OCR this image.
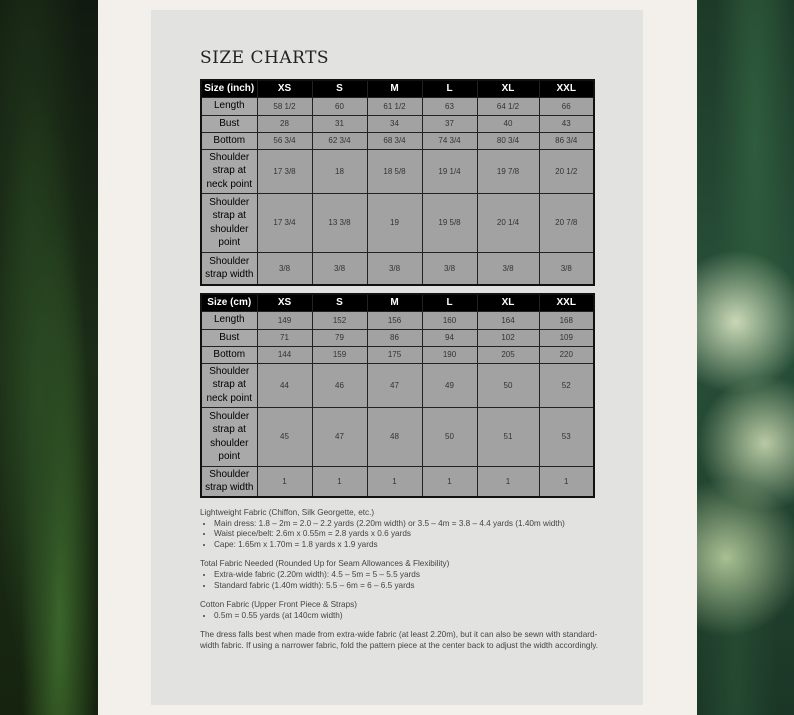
SIZE CHARTS
Size (inch)	XS	S	M	L	XL	XXL
Length	58 1/2	60	61 1/2	63	64 1/2	66
Bust	28	31	34	37	40	43
Bottom	56 3/4	62 3/4	68 3/4	74 3/4	80 3/4	86 3/4
Shoulder strap at neck point	17 3/8	18	18 5/8	19 1/4	19 7/8	20 1/2
Shoulder strap at shoulder point	17 3/4	13 3/8	19	19 5/8	20 1/4	20 7/8
Shoulder strap width	3/8	3/8	3/8	3/8	3/8	3/8
Size (cm)	XS	S	M	L	XL	XXL
Length	149	152	156	160	164	168
Bust	71	79	86	94	102	109
Bottom	144	159	175	190	205	220
Shoulder strap at neck point	44	46	47	49	50	52
Shoulder strap at shoulder point	45	47	48	50	51	53
Shoulder strap width	1	1	1	1	1	1
Lightweight Fabric (Chiffon, Silk Georgette, etc.)
• Main dress: 1.8 – 2m = 2.0 – 2.2 yards (2.20m width) or 3.5 – 4m = 3.8 – 4.4 yards (1.40m width)
• Waist piece/belt: 2.6m x 0.55m = 2.8 yards x 0.6 yards
• Cape: 1.65m x 1.70m = 1.8 yards x 1.9 yards
Total Fabric Needed (Rounded Up for Seam Allowances & Flexibility)
• Extra-wide fabric (2.20m width): 4.5 – 5m = 5 – 5.5 yards
• Standard fabric (1.40m width): 5.5 – 6m = 6 – 6.5 yards
Cotton Fabric (Upper Front Piece & Straps)
• 0.5m = 0.55 yards (at 140cm width)
The dress falls best when made from extra-wide fabric (at least 2.20m), but it can also be sewn with standard-width fabric. If using a narrower fabric, fold the pattern piece at the center back to adjust the width accordingly.
